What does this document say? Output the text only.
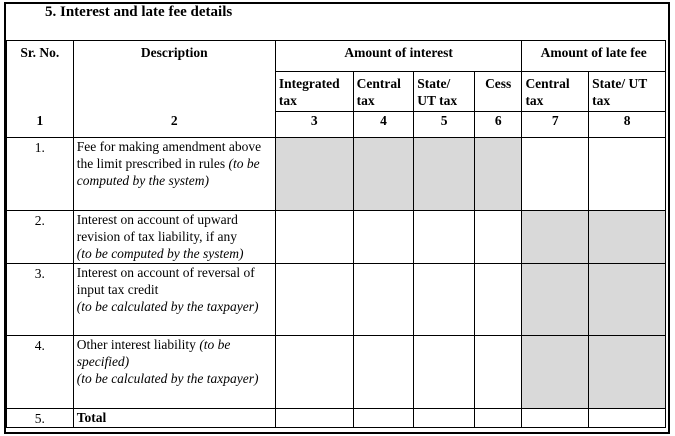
5. Interest and late fee details
Sr. No.	Description	Amount of interest				Amount of late fee	
		Integrated tax	Central tax	State/ UT tax	Cess	Central tax	State/ UT tax
1	2	3	4	5	6	7	8
1.	Fee for making amendment above the limit prescribed in rules (to be computed by the system)						
2.	Interest on account of upward revision of tax liability, if any
(to be computed by the system)						
3.	Interest on account of reversal of input tax credit
(to be calculated by the taxpayer)						
4.	Other interest liability (to be specified)
(to be calculated by the taxpayer)						
5.	Total						
